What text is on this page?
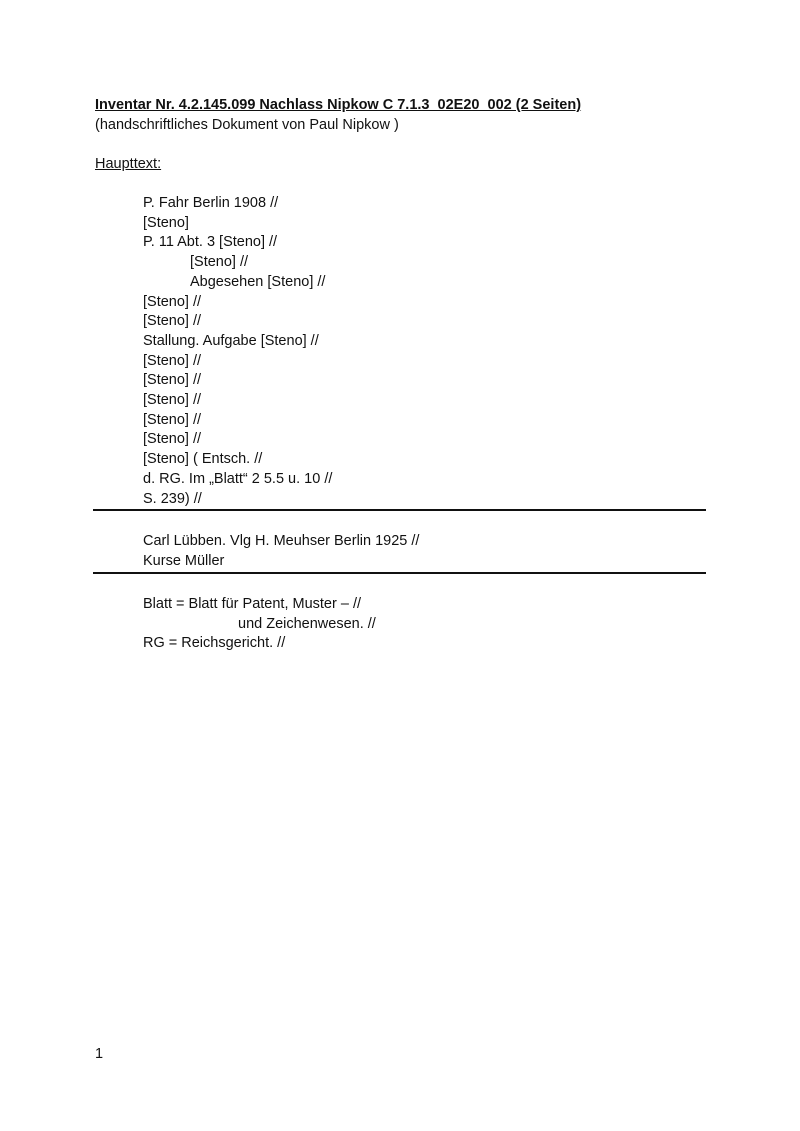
Inventar Nr. 4.2.145.099 Nachlass Nipkow C 7.1.3_02E20_002 (2 Seiten)
(handschriftliches Dokument von Paul Nipkow )
Haupttext:
P. Fahr Berlin 1908 //
[Steno]
P. 11 Abt. 3 [Steno] //
[Steno] //
Abgesehen [Steno] //
[Steno] //
[Steno] //
Stallung. Aufgabe [Steno] //
[Steno] //
[Steno] //
[Steno] //
[Steno] //
[Steno] //
[Steno] ( Entsch. //
d. RG. Im „Blatt“ 2 5.5 u. 10 //
S. 239) //
Carl Lübben. Vlg H. Meuhser Berlin 1925 //
Kurse Müller
Blatt = Blatt für Patent, Muster – //
und Zeichenwesen. //
RG = Reichsgericht. //
1
